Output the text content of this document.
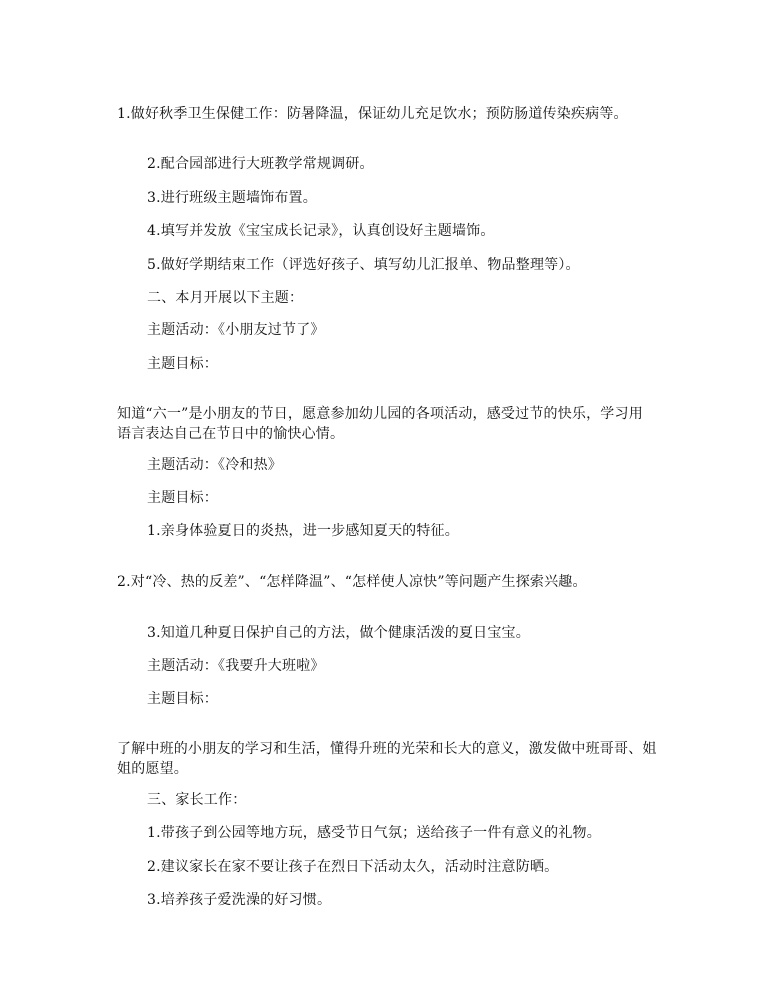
1.做好秋季卫生保健工作：防暑降温，保证幼儿充足饮水；预防肠道传染疾病等。
2.配合园部进行大班教学常规调研。
3.进行班级主题墙饰布置。
4.填写并发放《宝宝成长记录》，认真创设好主题墙饰。
5.做好学期结束工作（评选好孩子、填写幼儿汇报单、物品整理等）。
二、本月开展以下主题：
主题活动：《小朋友过节了》
主题目标：
知道“六一”是小朋友的节日，愿意参加幼儿园的各项活动，感受过节的快乐，学习用语言表达自己在节日中的愉快心情。
主题活动：《冷和热》
主题目标：
1.亲身体验夏日的炎热，进一步感知夏天的特征。
2.对“冷、热的反差”、“怎样降温”、“怎样使人凉快”等问题产生探索兴趣。
3.知道几种夏日保护自己的方法，做个健康活泼的夏日宝宝。
主题活动：《我要升大班啦》
主题目标：
了解中班的小朋友的学习和生活，懂得升班的光荣和长大的意义，激发做中班哥哥、姐姐的愿望。
三、家长工作：
1.带孩子到公园等地方玩，感受节日气氛；送给孩子一件有意义的礼物。
2.建议家长在家不要让孩子在烈日下活动太久，活动时注意防晒。
3.培养孩子爱洗澡的好习惯。
